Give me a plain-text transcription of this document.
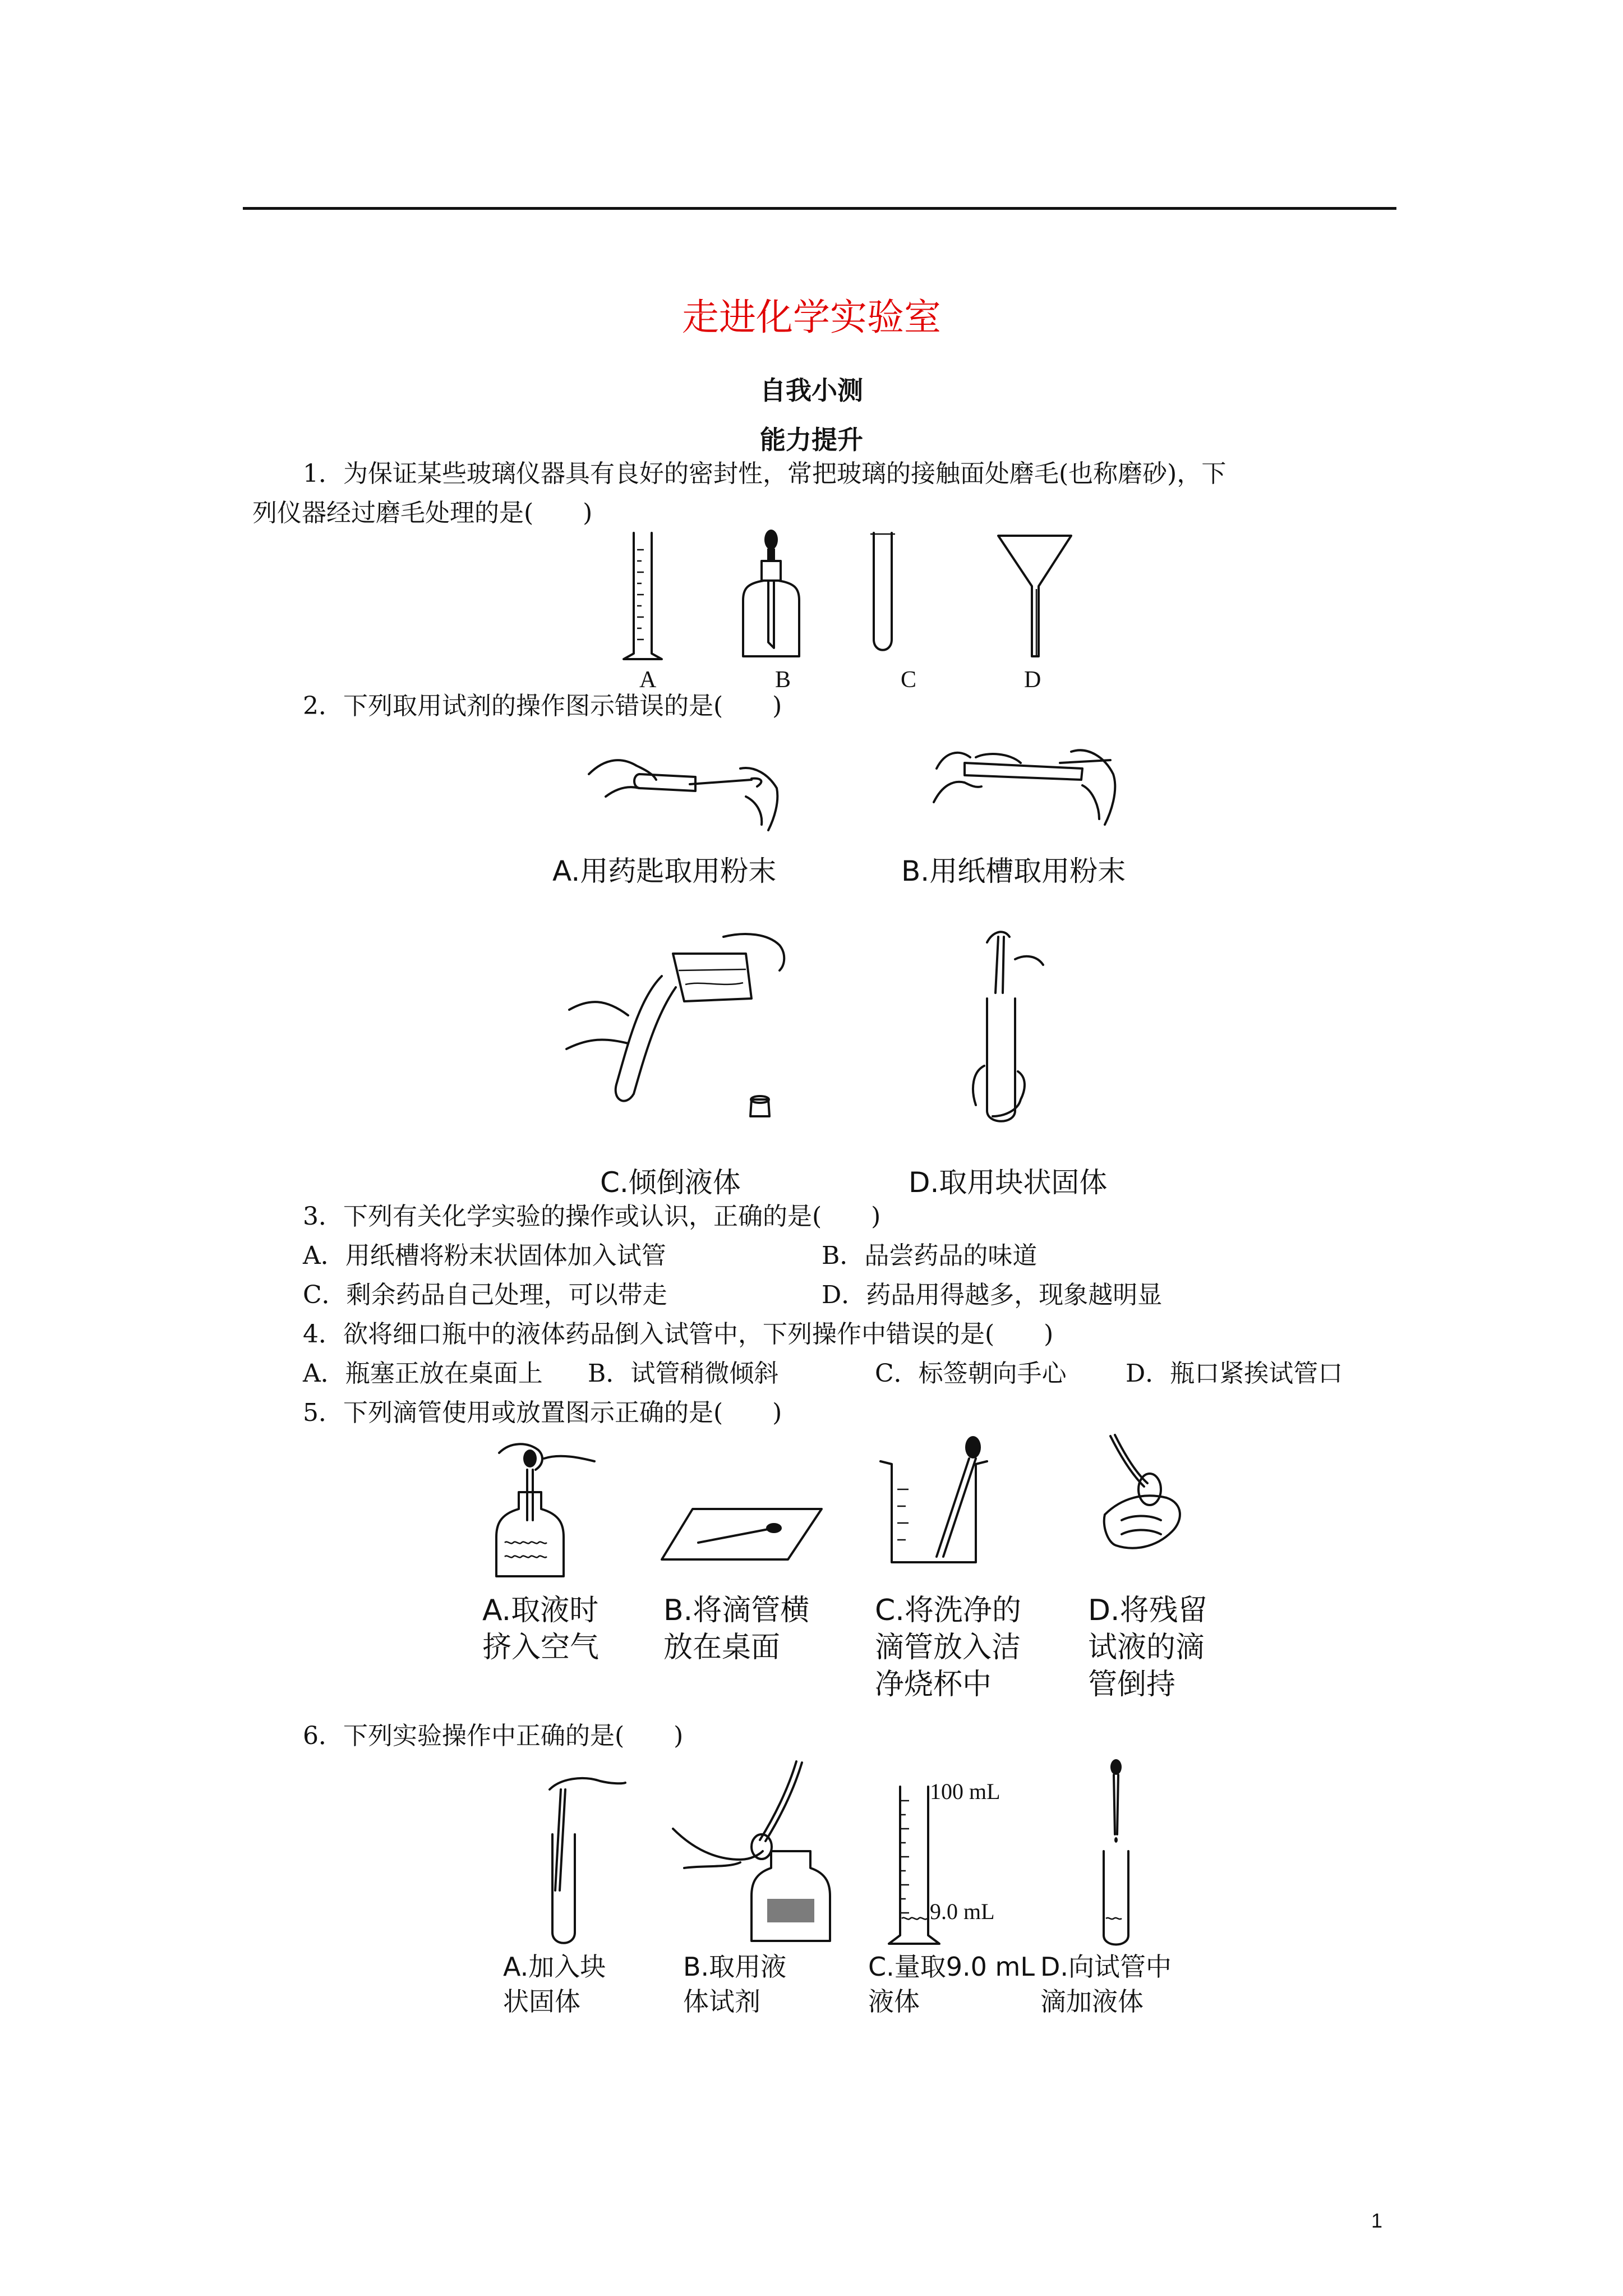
走进化学实验室
自我小测
能力提升
1．为保证某些玻璃仪器具有良好的密封性，常把玻璃的接触面处磨毛(也称磨砂)，下
列仪器经过磨毛处理的是(　　)
A	B	C	D
2．下列取用试剂的操作图示错误的是(　　)
A.用药匙取用粉末	B.用纸槽取用粉末
C.倾倒液体	D.取用块状固体
3．下列有关化学实验的操作或认识，正确的是(　　)
A．用纸槽将粉末状固体加入试管	B．品尝药品的味道
C．剩余药品自己处理，可以带走	D．药品用得越多，现象越明显
4．欲将细口瓶中的液体药品倒入试管中，下列操作中错误的是(　　)
A．瓶塞正放在桌面上 B．试管稍微倾斜	C．标签朝向手心 D．瓶口紧挨试管口
5．下列滴管使用或放置图示正确的是(　　)
A.取液时
挤入空气
B.将滴管横
放在桌面
C.将洗净的
滴管放入洁
净烧杯中
D.将残留
试液的滴
管倒持
6．下列实验操作中正确的是(　　)
100 mL
9.0 mL
A.加入块
状固体
B.取用液
体试剂
C.量取9.0 mL
液体
D.向试管中
滴加液体
1
